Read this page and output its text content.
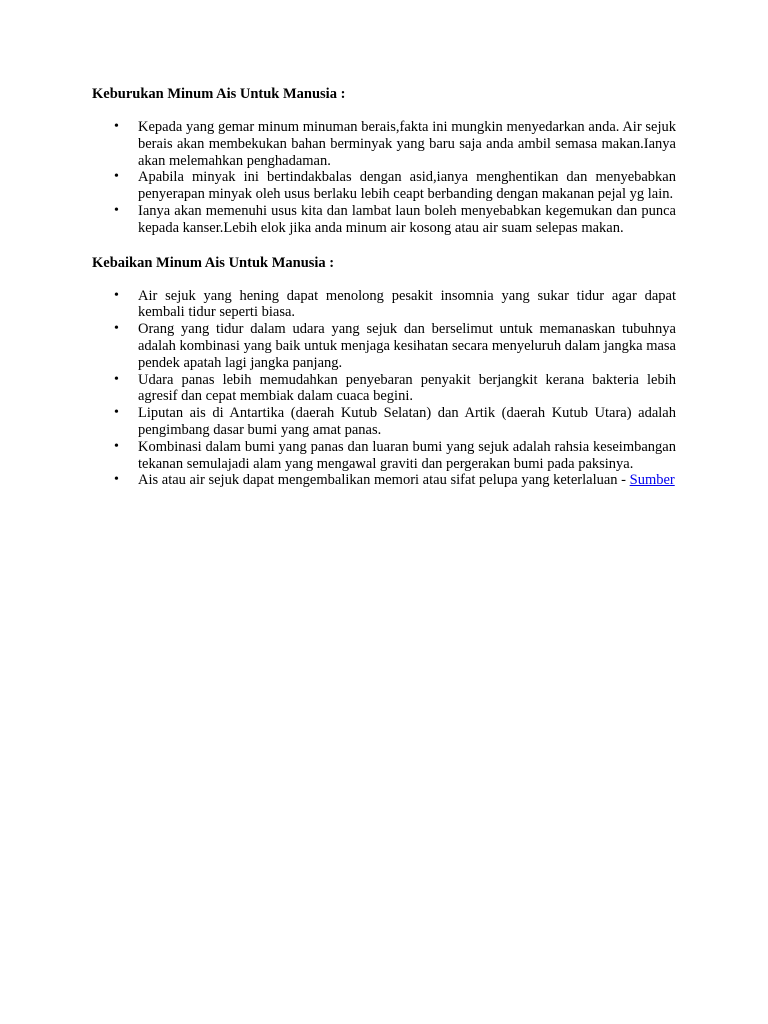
Keburukan Minum Ais Untuk Manusia :
• Kepada yang gemar minum minuman berais,fakta ini mungkin menyedarkan anda. Air sejuk berais akan membekukan bahan berminyak yang baru saja anda ambil semasa makan.Ianya akan melemahkan penghadaman.
• Apabila minyak ini bertindakbalas dengan asid,ianya menghentikan dan menyebabkan penyerapan minyak oleh usus berlaku lebih ceapt berbanding dengan makanan pejal yg lain.
• Ianya akan memenuhi usus kita dan lambat laun boleh menyebabkan kegemukan dan punca kepada kanser.Lebih elok jika anda minum air kosong atau air suam selepas makan.
Kebaikan Minum Ais Untuk Manusia :
• Air sejuk yang hening dapat menolong pesakit insomnia yang sukar tidur agar dapat kembali tidur seperti biasa.
• Orang yang tidur dalam udara yang sejuk dan berselimut untuk memanaskan tubuhnya adalah kombinasi yang baik untuk menjaga kesihatan secara menyeluruh dalam jangka masa pendek apatah lagi jangka panjang.
• Udara panas lebih memudahkan penyebaran penyakit berjangkit kerana bakteria lebih agresif dan cepat membiak dalam cuaca begini.
• Liputan ais di Antartika (daerah Kutub Selatan) dan Artik (daerah Kutub Utara) adalah pengimbang dasar bumi yang amat panas.
• Kombinasi dalam bumi yang panas dan luaran bumi yang sejuk adalah rahsia keseimbangan tekanan semulajadi alam yang mengawal graviti dan pergerakan bumi pada paksinya.
• Ais atau air sejuk dapat mengembalikan memori atau sifat pelupa yang keterlaluan - Sumber
